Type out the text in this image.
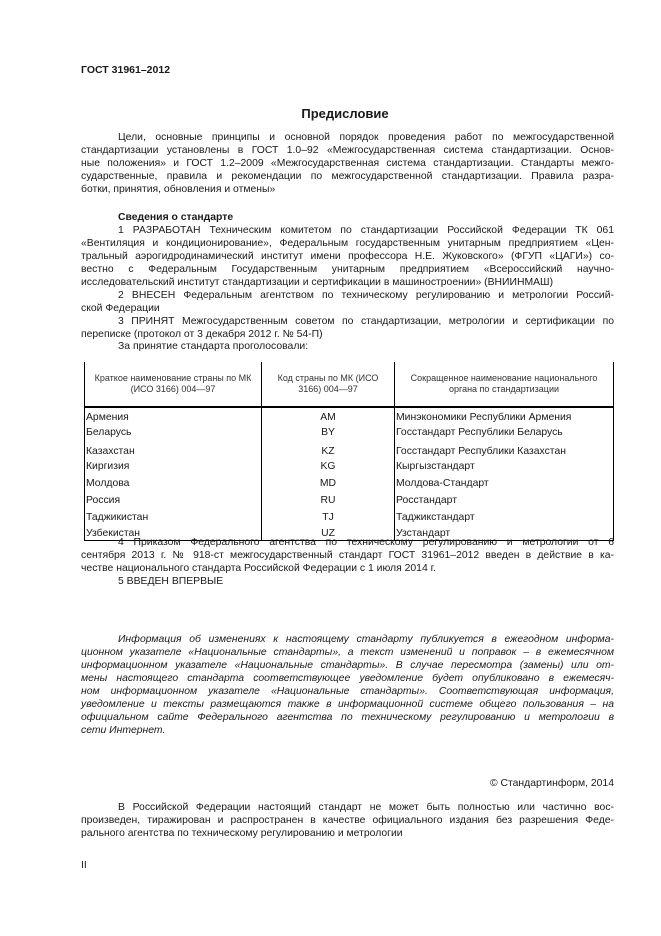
ГОСТ 31961–2012
Предисловие
Цели, основные принципы и основной порядок проведения работ по межгосударственной
стандартизации установлены в ГОСТ 1.0–92 «Межгосударственная система стандартизации. Основ-
ные положения» и ГОСТ 1.2–2009 «Межгосударственная система стандартизации. Стандарты межго-
сударственные, правила и рекомендации по межгосударственной стандартизации. Правила разра-
ботки, принятия, обновления и отмены»
Сведения о стандарте
1 РАЗРАБОТАН Техническим комитетом по стандартизации Российской Федерации ТК 061
«Вентиляция и кондиционирование», Федеральным государственным унитарным предприятием «Цен-
тральный аэрогидродинамический институт имени профессора Н.Е. Жуковского» (ФГУП «ЦАГИ») со-
вестно с Федеральным Государственным унитарным предприятием «Всероссийский научно-
исследовательский институт стандартизации и сертификации в машиностроении» (ВНИИНМАШ)
2 ВНЕСЕН Федеральным агентством по техническому регулированию и метрологии Россий-
ской Федерации
3 ПРИНЯТ Межгосударственным советом по стандартизации, метрологии и сертификации по
переписке (протокол от 3 декабря 2012 г. № 54-П)
За принятие стандарта проголосовали:
Краткое наименование страны по МК (ИСО 3166) 004—97	Код страны по МК (ИСО 3166) 004—97	Сокращенное наименование национального органа по стандартизации
Армения	AM	Минэкономики Республики Армения
Беларусь	BY	Госстандарт Республики Беларусь
Казахстан	KZ	Госстандарт Республики Казахстан
Киргизия	KG	Кыргызстандарт
Молдова	MD	Молдова-Стандарт
Россия	RU	Росстандарт
Таджикистан	TJ	Таджикстандарт
Узбекистан	UZ	Узстандарт
4 Приказом Федерального агентства по техническому регулированию и метрологии от 6
сентября 2013 г. № 918-ст межгосударственный стандарт ГОСТ 31961–2012 введен в действие в ка-
честве национального стандарта Российской Федерации с 1 июля 2014 г.
5 ВВЕДЕН ВПЕРВЫЕ
Информация об изменениях к настоящему стандарту публикуется в ежегодном информа-
ционном указателе «Национальные стандарты», а текст изменений и поправок – в ежемесячном
информационном указателе «Национальные стандарты». В случае пересмотра (замены) или от-
мены настоящего стандарта соответствующее уведомление будет опубликовано в ежемесяч-
ном информационном указателе «Национальные стандарты». Соответствующая информация,
уведомление и тексты размещаются также в информационной системе общего пользования – на
официальном сайте Федерального агентства по техническому регулированию и метрологии в
сети Интернет.
© Стандартинформ, 2014
В Российской Федерации настоящий стандарт не может быть полностью или частично вос-
произведен, тиражирован и распространен в качестве официального издания без разрешения Феде-
рального агентства по техническому регулированию и метрологии
II
